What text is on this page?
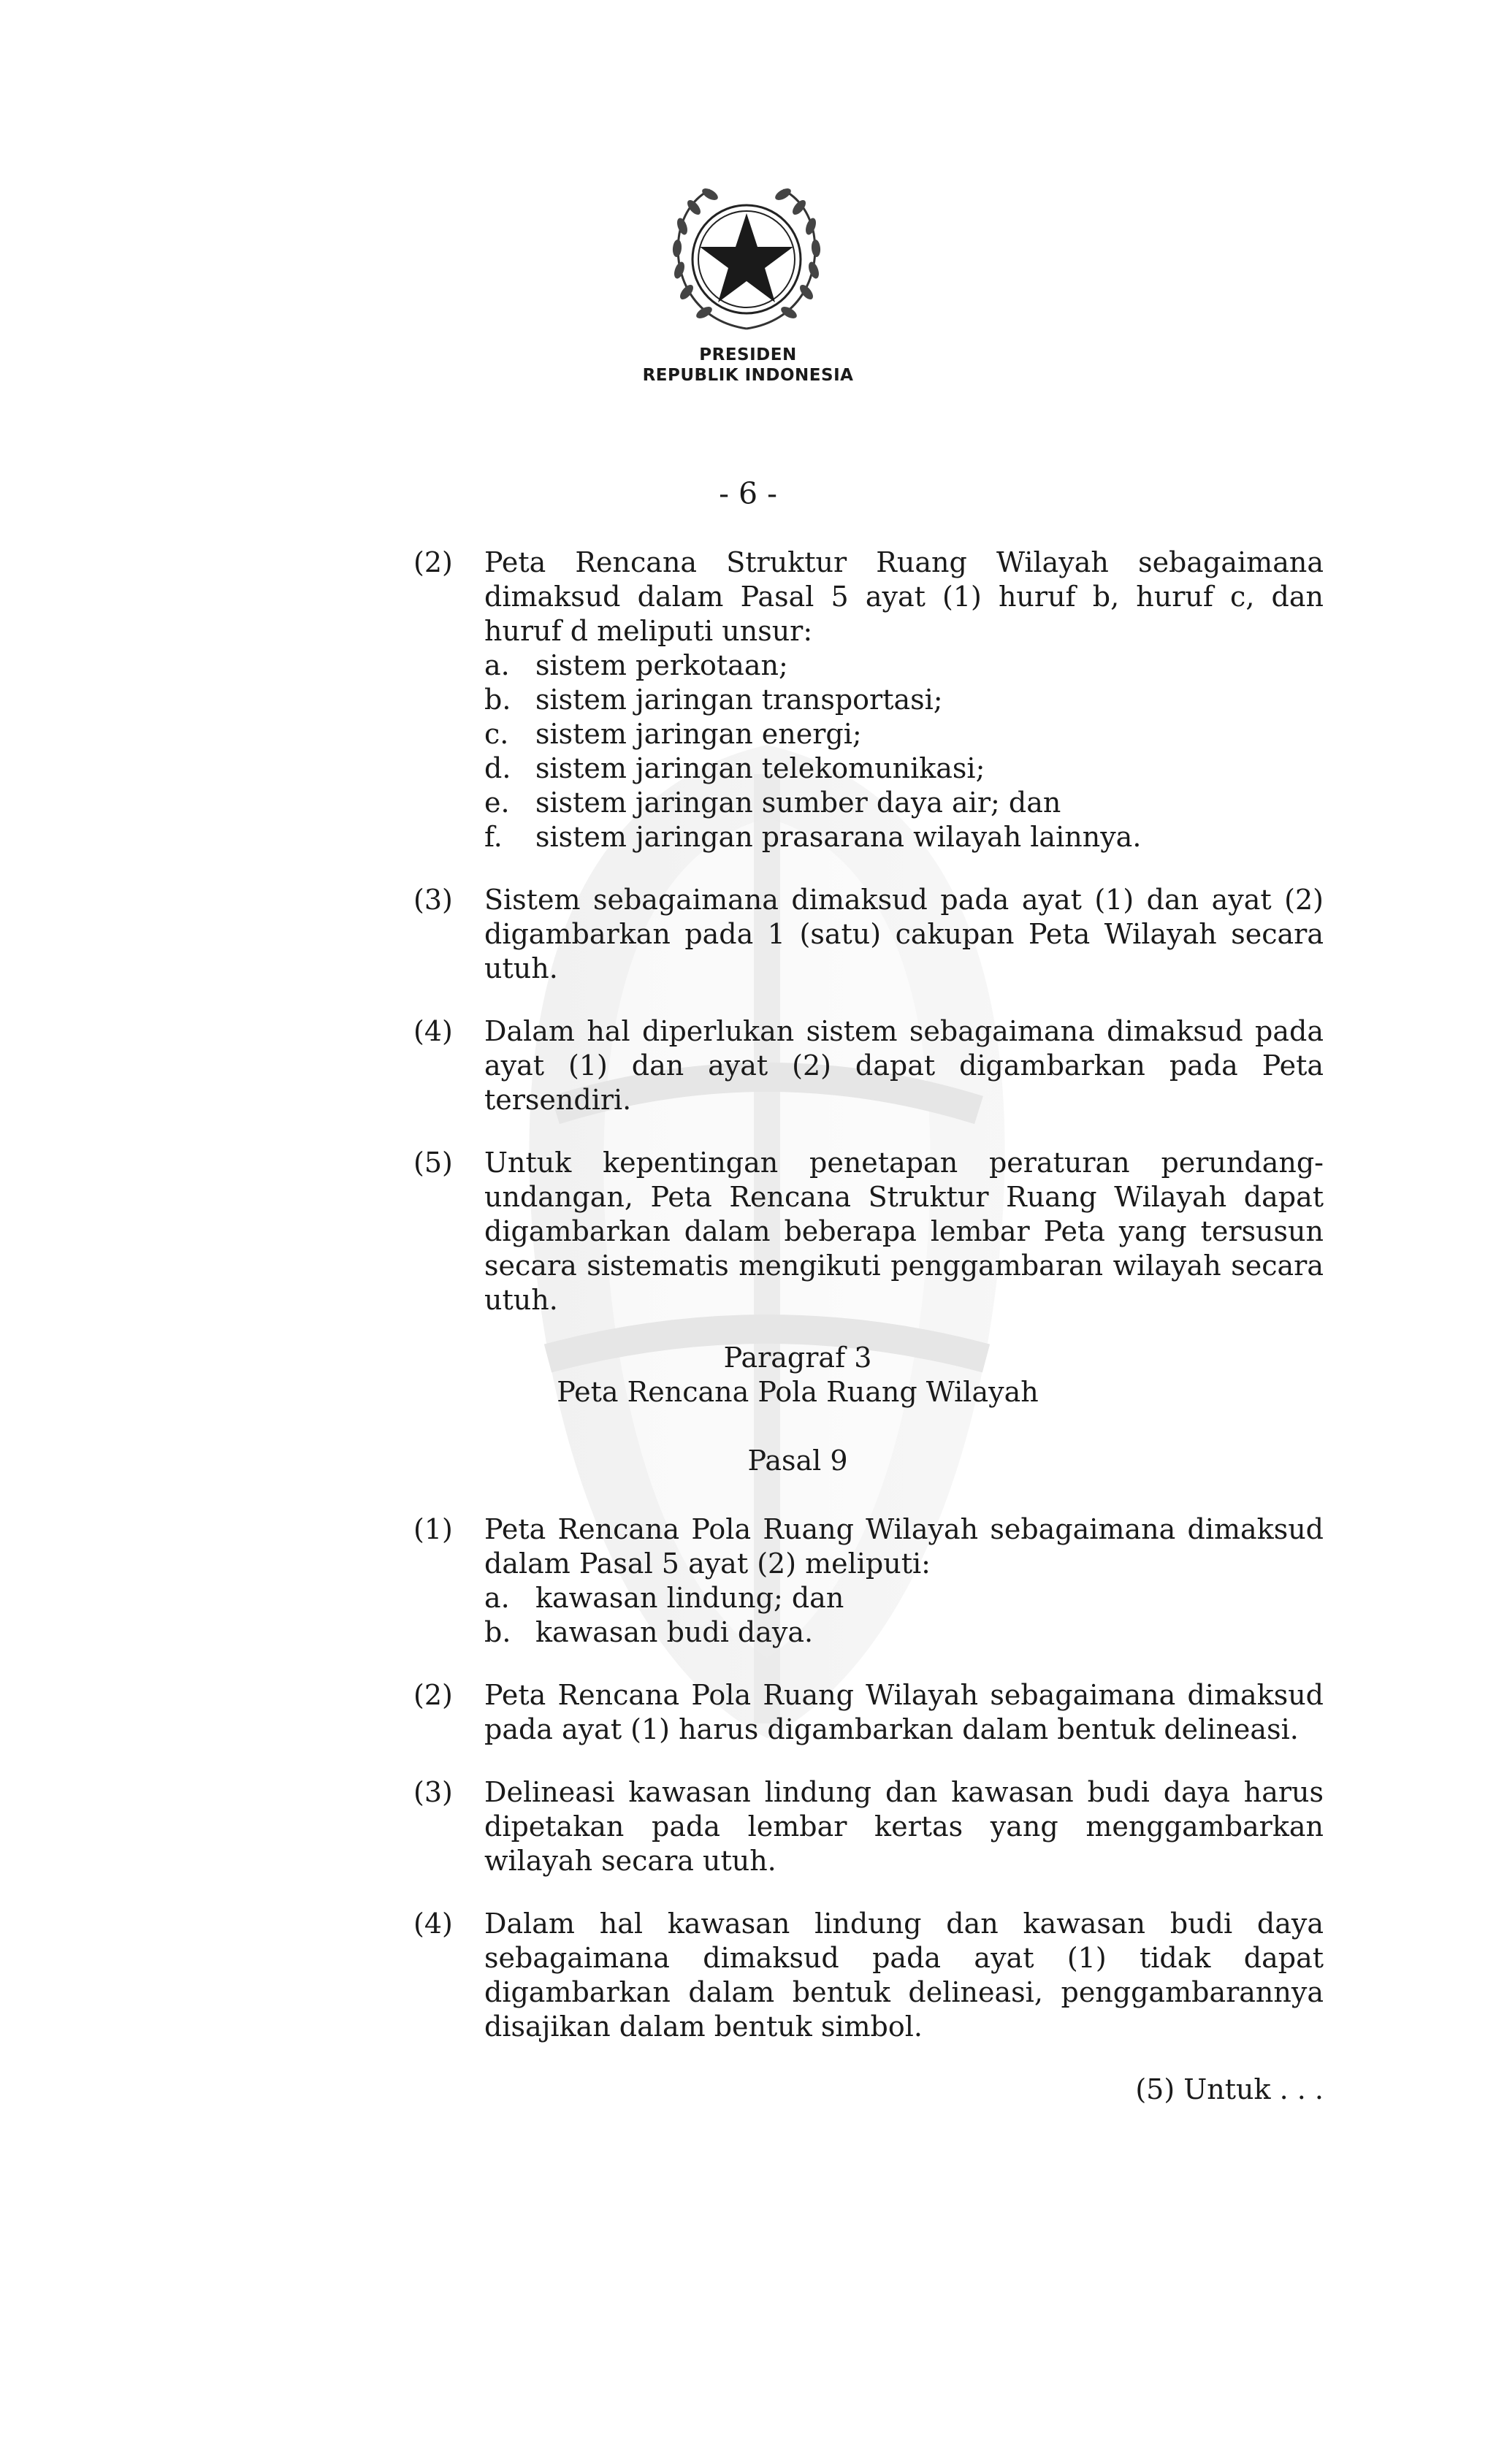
PRESIDEN
REPUBLIK INDONESIA
- 6 -
(2)	Peta Rencana Struktur Ruang Wilayah sebagaimana dimaksud dalam Pasal 5 ayat (1) huruf b, huruf c, dan huruf d meliputi unsur:
a. sistem perkotaan;
b. sistem jaringan transportasi;
c. sistem jaringan energi;
d. sistem jaringan telekomunikasi;
e. sistem jaringan sumber daya air; dan
f.	sistem jaringan prasarana wilayah lainnya.
(3)	Sistem sebagaimana dimaksud pada ayat (1) dan ayat (2) digambarkan pada 1 (satu) cakupan Peta Wilayah secara utuh.
(4)	Dalam hal diperlukan sistem sebagaimana dimaksud pada ayat (1) dan ayat (2) dapat digambarkan pada Peta tersendiri.
(5)	Untuk kepentingan penetapan peraturan perundang-undangan, Peta Rencana Struktur Ruang Wilayah dapat digambarkan dalam beberapa lembar Peta yang tersusun secara sistematis mengikuti penggambaran wilayah secara utuh.
Paragraf 3
Peta Rencana Pola Ruang Wilayah
Pasal 9
(1)	Peta Rencana Pola Ruang Wilayah sebagaimana dimaksud dalam Pasal 5 ayat (2) meliputi:
a. kawasan lindung; dan
b. kawasan budi daya.
(2)	Peta Rencana Pola Ruang Wilayah sebagaimana dimaksud pada ayat (1) harus digambarkan dalam bentuk delineasi.
(3)	Delineasi kawasan lindung dan kawasan budi daya harus dipetakan pada lembar kertas yang menggambarkan wilayah secara utuh.
(4)	Dalam hal kawasan lindung dan kawasan budi daya sebagaimana dimaksud pada ayat (1) tidak dapat digambarkan dalam bentuk delineasi, penggambarannya disajikan dalam bentuk simbol.
(5) Untuk . . .
